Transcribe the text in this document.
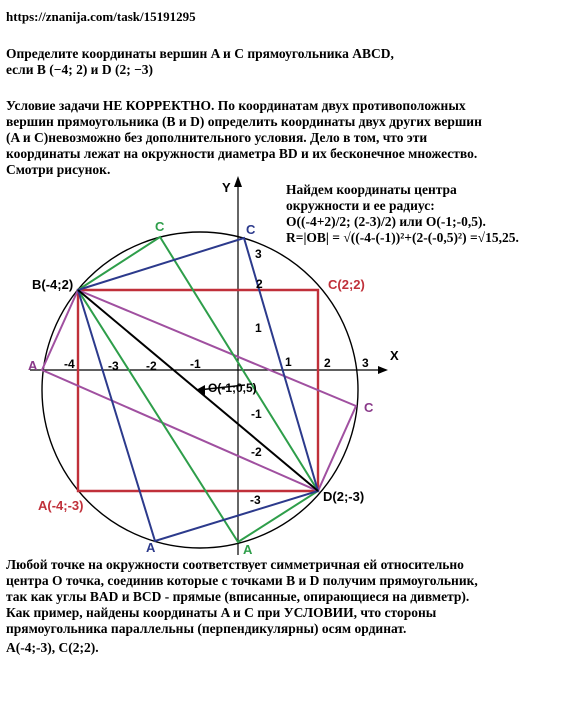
https://znanija.com/task/15191295
Определите координаты вершин A и C прямоугольника ABCD,
если B (−4; 2) и D (2; −3)
Условие задачи НЕ КОРРЕКТНО. По координатам двух противоположных
вершин прямоугольника (B и D) определить координаты двух других вершин
(A и C)невозможно без дополнительного условия. Дело в том, что эти
координаты лежат на окружности диаметра BD и их бесконечное множество.
Смотри рисунок.
X
Y
-4	-3 -2	-1	1	2	3
3
2
1
-1
-2
-3
B(-4;2)	C(2;2)
A(-4;-3)
D(2;-3)
O(-1;0,5)
A
C
C
A
C
A
Найдем координаты центра
окружности и ее радиус:
O((-4+2)/2; (2-3)/2) или O(-1;-0,5).
R=|OB| = √((-4-(-1))²+(2-(-0,5)²) =√15,25.
Любой точке на окружности соответствует симметричная ей относительно
центра O точка, соединив которые с точками B и D получим прямоугольник,
так как углы BAD и BCD - прямые (вписанные, опирающиеся на дивметр).
Как пример, найдены координаты A и C при УСЛОВИИ, что стороны
прямоугольника параллельны (перпендикулярны) осям ординат.
A(-4;-3), C(2;2).
